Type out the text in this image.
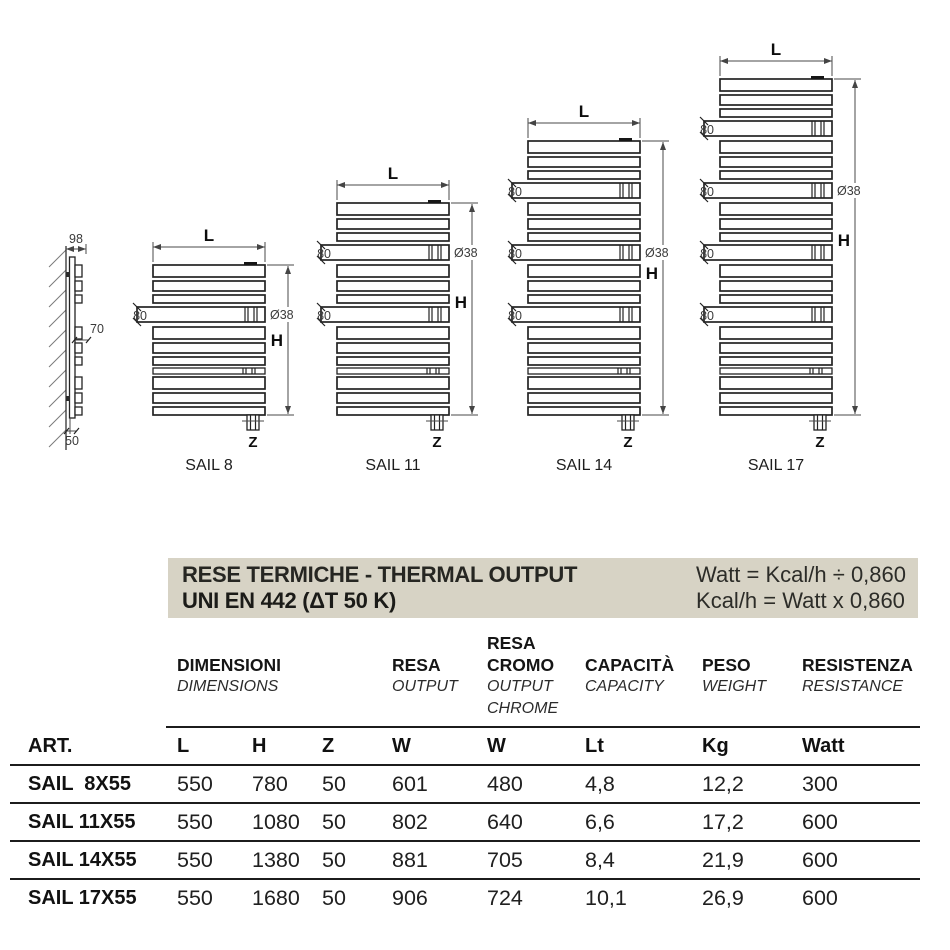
98
70
50
L
H
80	Ø38
Z
SAIL 8
L
H
80
80
Ø38
Z
SAIL 11
L
H
80
80
80
Ø38
Z
SAIL 14
L
H
80
80
80
80
Ø38
Z
SAIL 17
RESE TERMICHE - THERMAL OUTPUT
UNI EN 442 (ΔT 50 K)
Watt = Kcal/h ÷ 0,860
Kcal/h = Watt x 0,860
DIMENSIONI
DIMENSIONS
RESA
OUTPUT
RESA
CROMO
OUTPUT
CHROME
CAPACITÀ
CAPACITY
PESO
WEIGHT
RESISTENZA
RESISTANCE
ART.	L	H	Z	W	W	Lt	Kg	Watt
SAIL  8X55	550	780	50	601	480	4,8	12,2	300
SAIL 11X55	550	1080	50	802	640	6,6	17,2	600
SAIL 14X55	550	1380	50	881	705	8,4	21,9	600
SAIL 17X55	550	1680	50	906	724	10,1	26,9	600
